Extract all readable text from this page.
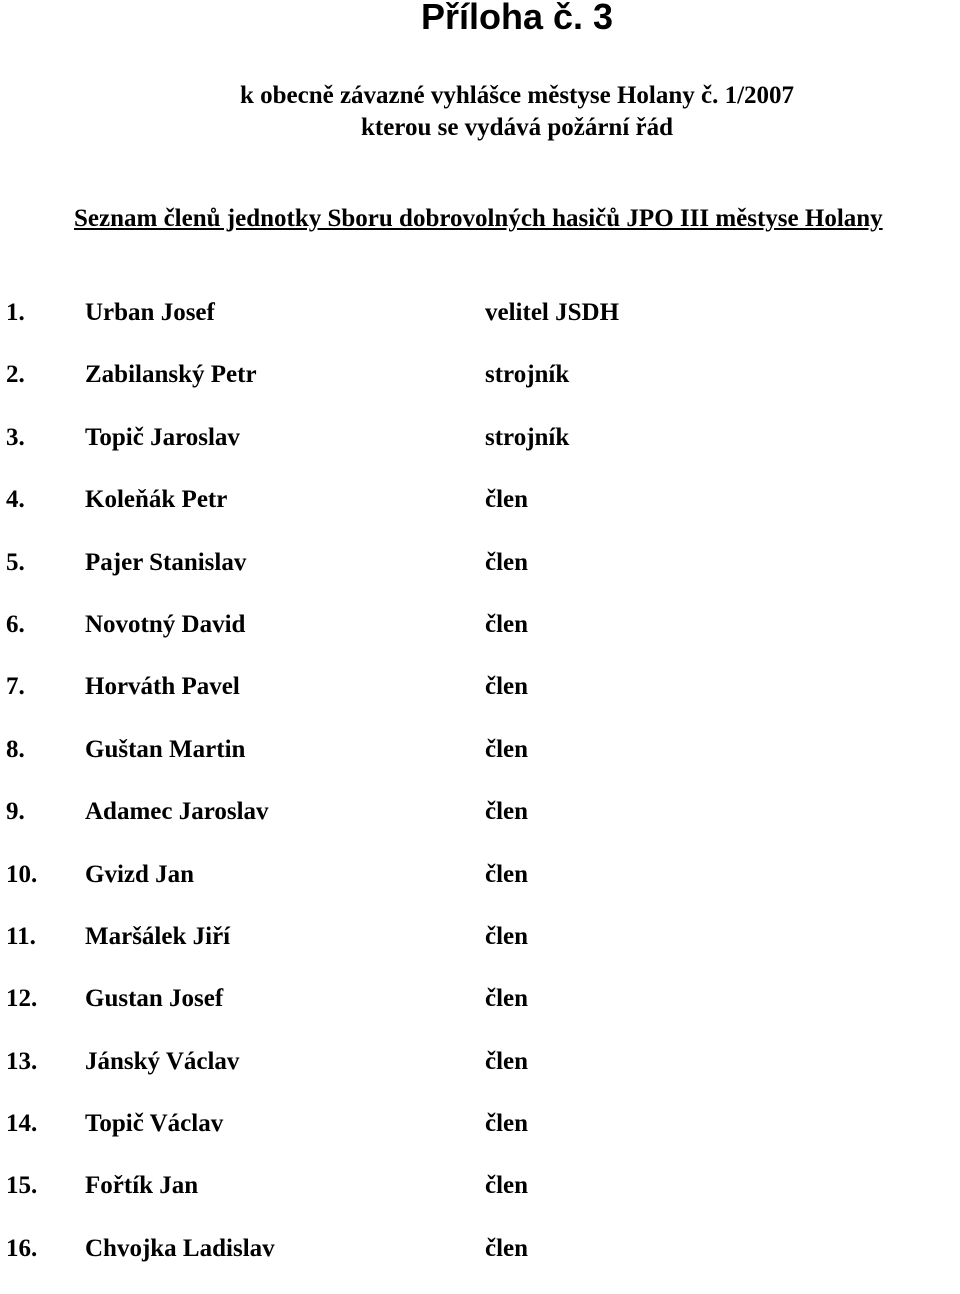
Příloha č. 3
k obecně závazné vyhlášce městyse Holany č. 1/2007
kterou se vydává požární řád
Seznam členů jednotky Sboru dobrovolných hasičů JPO III městyse Holany
1. Urban Josef	velitel JSDH
2. Zabilanský Petr	strojník
3. Topič Jaroslav	strojník
4. Koleňák Petr	člen
5. Pajer Stanislav	člen
6. Novotný David	člen
7. Horváth Pavel	člen
8. Guštan Martin	člen
9. Adamec Jaroslav	člen
10. Gvizd Jan	člen
11. Maršálek Jiří	člen
12. Gustan Josef	člen
13. Jánský Václav	člen
14. Topič Václav	člen
15. Fořtík Jan	člen
16. Chvojka Ladislav	člen
